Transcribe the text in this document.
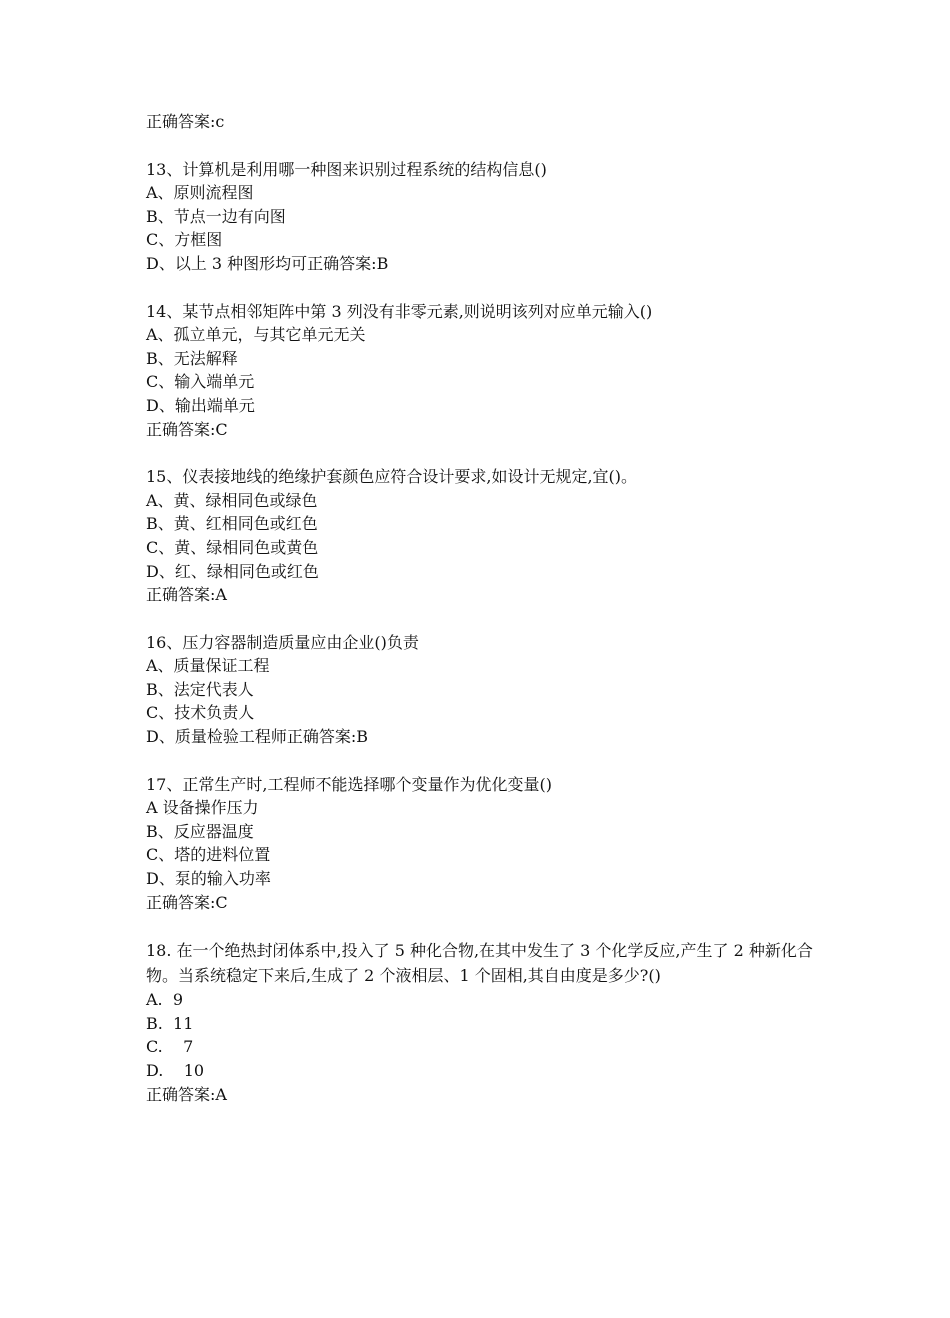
正确答案:c
13、计算机是利用哪一种图来识别过程系统的结构信息()
A、原则流程图
B、节点一边有向图
C、方框图
D、以上 3 种图形均可正确答案:B
14、某节点相邻矩阵中第 3 列没有非零元素,则说明该列对应单元输入()
A、孤立单元，与其它单元无关
B、无法解释
C、输入端单元
D、输出端单元
正确答案:C
15、仪表接地线的绝缘护套颜色应符合设计要求,如设计无规定,宜()。
A、黄、绿相同色或绿色
B、黄、红相同色或红色
C、黄、绿相同色或黄色
D、红、绿相同色或红色
正确答案:A
16、压力容器制造质量应由企业()负责
A、质量保证工程
B、法定代表人
C、技术负责人
D、质量检验工程师正确答案:B
17、正常生产时,工程师不能选择哪个变量作为优化变量()
A 设备操作压力
B、反应器温度
C、塔的进料位置
D、泵的输入功率
正确答案:C
18. 在一个绝热封闭体系中,投入了 5 种化合物,在其中发生了 3 个化学反应,产生了 2 种新化合物。当系统稳定下来后,生成了 2 个液相层、1 个固相,其自由度是多少?()
A.  9
B.  11
C.    7
D.    10
正确答案:A
